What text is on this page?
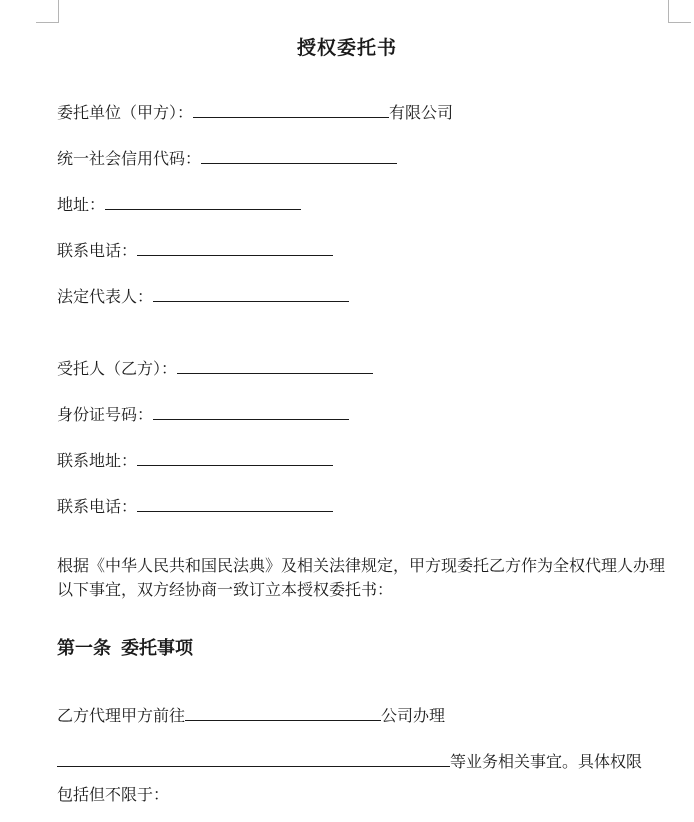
授权委托书
委托单位（甲方）：	有限公司
统一社会信用代码：
地址：
联系电话：
法定代表人：
受托人（乙方）：
身份证号码：
联系地址：
联系电话：
根据《中华人民共和国民法典》及相关法律规定，甲方现委托乙方作为全权代理人办理以下事宜，双方经协商一致订立本授权委托书：
第一条 委托事项
乙方代理甲方前往	公司办理
等业务相关事宜。具体权限
包括但不限于：
